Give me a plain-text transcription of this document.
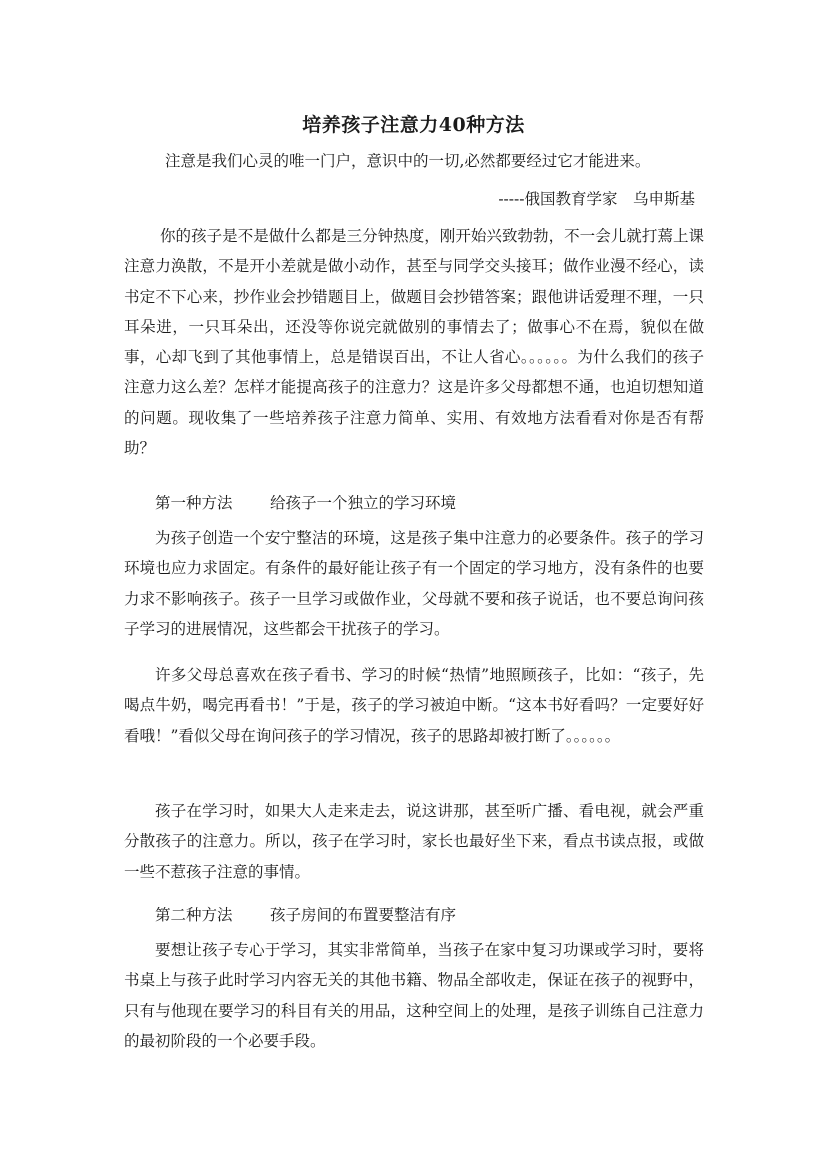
培养孩子注意力40种方法
注意是我们心灵的唯一门户，意识中的一切,必然都要经过它才能进来。
-----俄国教育学家　乌申斯基

你的孩子是不是做什么都是三分钟热度，刚开始兴致勃勃，不一会儿就打蔫上课注意力涣散，不是开小差就是做小动作，甚至与同学交头接耳；做作业漫不经心，读书定不下心来，抄作业会抄错题目上，做题目会抄错答案；跟他讲话爱理不理，一只耳朵进，一只耳朵出，还没等你说完就做别的事情去了；做事心不在焉，貌似在做事，心却飞到了其他事情上，总是错误百出，不让人省心。。。。。。为什么我们的孩子注意力这么差？怎样才能提高孩子的注意力？这是许多父母都想不通，也迫切想知道的问题。现收集了一些培养孩子注意力简单、实用、有效地方法看看对你是否有帮助？

第一种方法 给孩子一个独立的学习环境

为孩子创造一个安宁整洁的环境，这是孩子集中注意力的必要条件。孩子的学习环境也应力求固定。有条件的最好能让孩子有一个固定的学习地方，没有条件的也要力求不影响孩子。孩子一旦学习或做作业，父母就不要和孩子说话，也不要总询问孩子学习的进展情况，这些都会干扰孩子的学习。

许多父母总喜欢在孩子看书、学习的时候“热情”地照顾孩子，比如：“孩子，先喝点牛奶，喝完再看书！”于是，孩子的学习被迫中断。“这本书好看吗？一定要好好看哦！”看似父母在询问孩子的学习情况，孩子的思路却被打断了。。。。。。

孩子在学习时，如果大人走来走去，说这讲那，甚至听广播、看电视，就会严重分散孩子的注意力。所以，孩子在学习时，家长也最好坐下来，看点书读点报，或做一些不惹孩子注意的事情。

第二种方法 孩子房间的布置要整洁有序

要想让孩子专心于学习，其实非常简单，当孩子在家中复习功课或学习时，要将书桌上与孩子此时学习内容无关的其他书籍、物品全部收走，保证在孩子的视野中，只有与他现在要学习的科目有关的用品，这种空间上的处理，是孩子训练自己注意力的最初阶段的一个必要手段。
